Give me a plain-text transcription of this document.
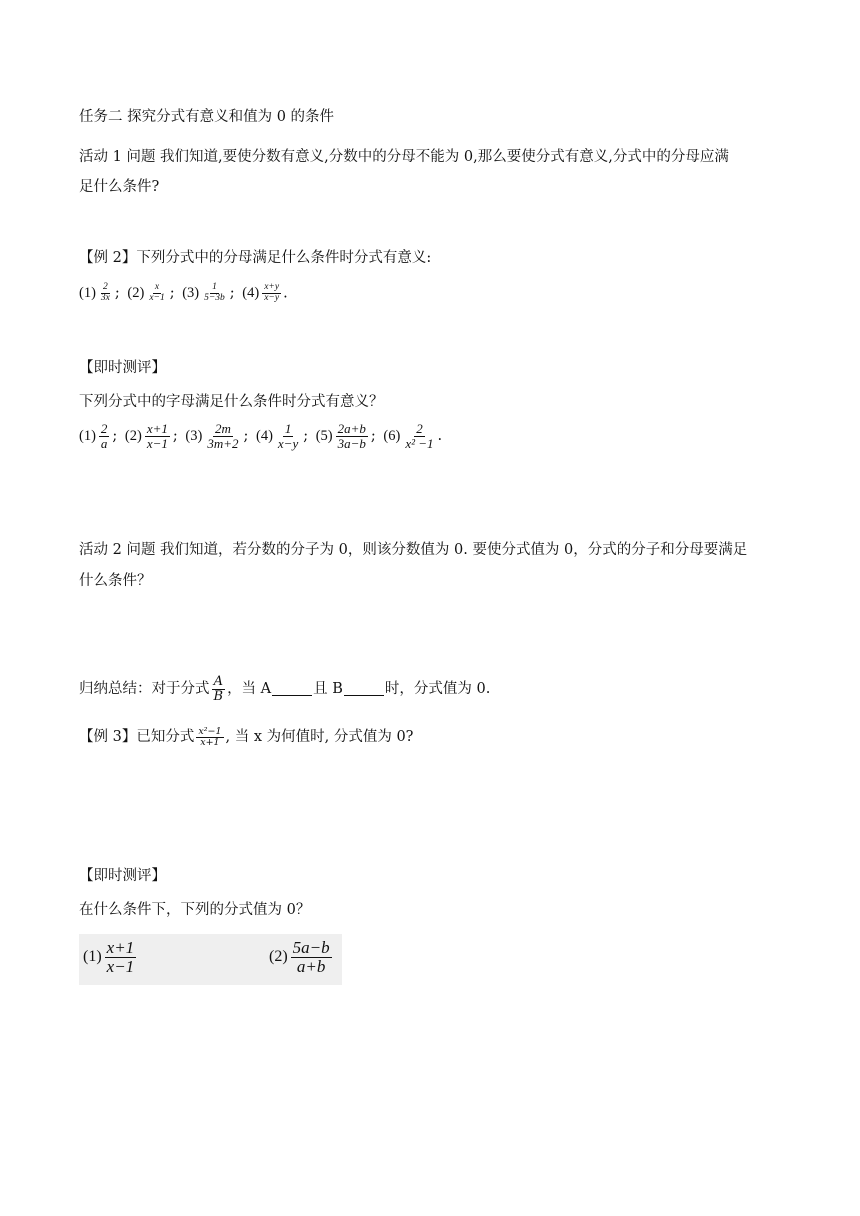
任务二 探究分式有意义和值为 0 的条件
活动 1 问题 我们知道,要使分数有意义,分数中的分母不能为 0,那么要使分式有意义,分式中的分母应满
足什么条件?
【例 2】下列分式中的分母满足什么条件时分式有意义:
$(1) \frac{2}{3x}$ ; $(2) \frac{x}{x-1}$ ; $(3) \frac{1}{5-3b}$ ; $(4) \frac{x+y}{x-y}$ .
【即时测评】
下列分式中的字母满足什么条件时分式有意义？
$(1) \frac{2}{a}$ ; $(2) \frac{x+1}{x-1}$ ; $(3) \frac{2m}{3m+2}$ ; $(4) \frac{1}{x-y}$ ; $(5) \frac{2a+b}{3a-b}$ ; $(6) \frac{2}{\text{x² −1}}$ .
活动 2 问题 我们知道，若分数的分子为 0，则该分数值为 0. 要使分式值为 0，分式的分子和分母要满足
什么条件？
归纳总结：对于分式 $\frac{A}{B}$ ，当 A	且 B	时，分式值为 0.
【例 3】已知分式 $\frac{\text{x²−1}}{x+1}$ , 当 x 为何值时, 分式值为 0?
【即时测评】
在什么条件下，下列的分式值为 0？
$(1) \frac{x+1}{x-1}$	$(2) \frac{5a-b}{a+b}$
